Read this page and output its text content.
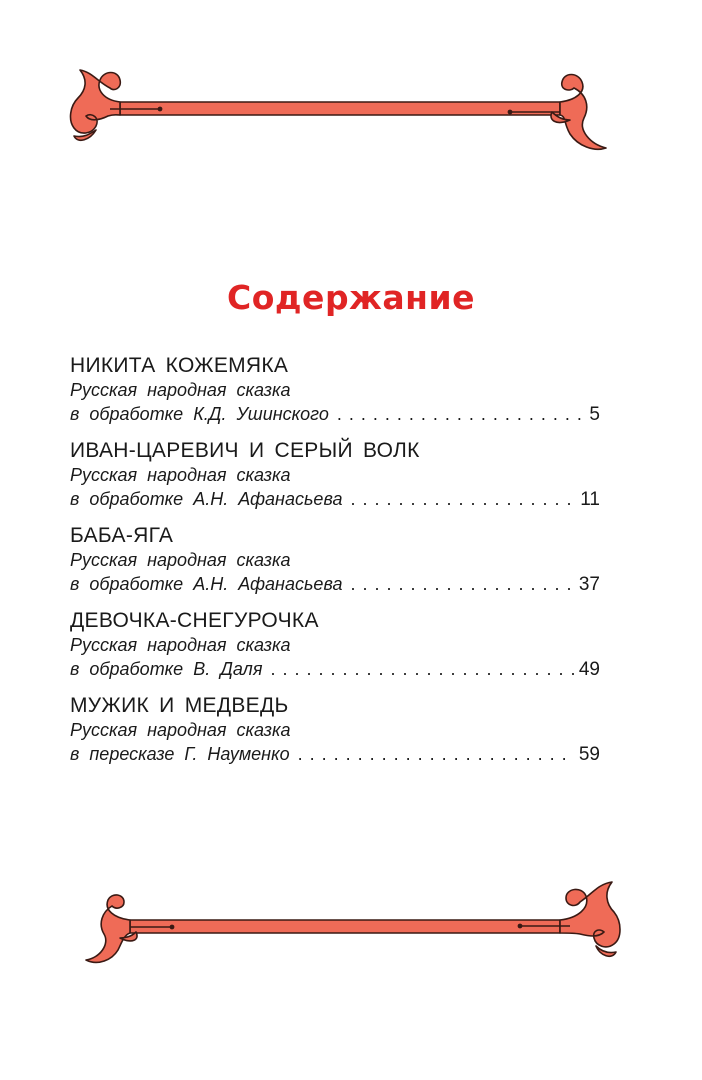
Содержание
НИКИТА КОЖЕМЯКА
Русская народная сказка
в обработке К.Д. Ушинского . . .	5
ИВАН-ЦАРЕВИЧ И СЕРЫЙ ВОЛК
Русская народная сказка
в обработке А.Н. Афанасьева . . .	11
БАБА-ЯГА
Русская народная сказка
в обработке А.Н. Афанасьева . . .	37
ДЕВОЧКА-СНЕГУРОЧКА
Русская народная сказка
в обработке В. Даля . . .	49
МУЖИК И МЕДВЕДЬ
Русская народная сказка
в пересказе Г. Науменко . . .	59
